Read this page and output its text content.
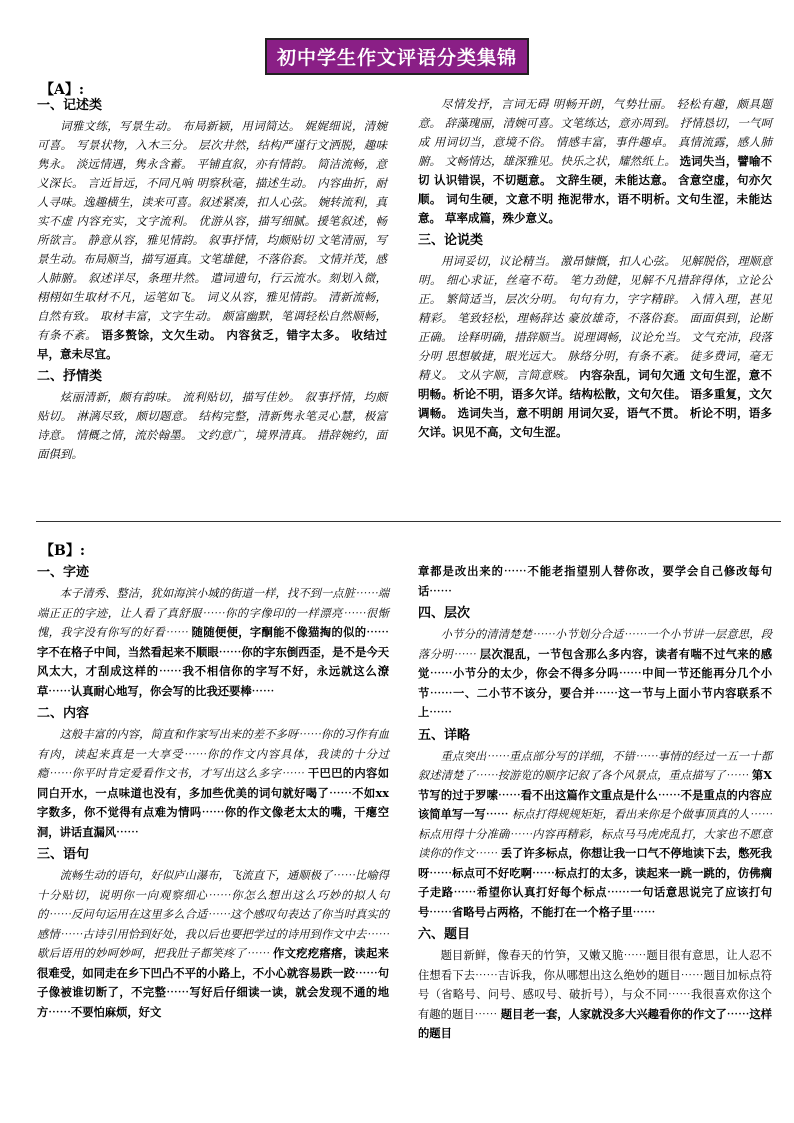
初中学生作文评语分类集锦
【A】:
一、记述类

词雅文练，写景生动。 布局新颖，用词简达。 娓娓细说，清婉可喜。 写景状物，入木三分。 层次井然，结构严谨行文洒脱，趣味隽永。 淡远情遇，隽永含蓄。 平铺直叙，亦有情韵。 简洁流畅，意义深长。 言近旨远，不同凡响 明察秋毫，描述生动。 内容曲折，耐人寻味。逸趣横生，读来可喜。叙述紧凑，扣人心弦。 婉转流利，真实不虚 内容充实，文字流利。 优游从容，描写细腻。援笔叙述，畅所欲言。 静意从容，雅见情韵。 叙事抒情，均颇贴切 文笔清丽，写景生动。布局顺当，描写逼真。文笔雄健，不落俗套。 文情并茂，感人肺腑。 叙述详尽，条理井然。 遣词遗句，行云流水。刻划入微，栩栩如生取材不凡，运笔如飞。 词义从容，雅见情韵。 清新流畅，自然有致。 取材丰富，文字生动。 颇富幽默，笔调轻松自然顺畅，有条不紊。 语多赘馀，文欠生动。 内容贫乏，错字太多。 收结过早，意未尽宜。

二、抒情类

炫丽清新，颇有韵味。 流利贴切，描写佳妙。 叙事抒情，均颇贴切。 淋漓尽致，颇切题意。 结构完整，清新隽永笔灵心慧，极富诗意。 情概之情，流於翰墨。 文约意广，境界清真。 措辞婉约，面面俱到。

尽情发抒，言词无碍 明畅开朗，气势壮丽。 轻松有趣，颇具题意。 辞藻瑰丽，清婉可喜。文笔练达，意亦周到。 抒情恳切，一气呵成 用词切当，意境不俗。 情感丰富，事件趣卓。 真情流露，感人肺腑。 文畅情达，雄深雅见。快乐之状，耀然纸上。 选词失当，譬喻不切 认识错误，不切题意。 文辞生硬，未能达意。 含意空虚，句亦欠顺。 词句生硬，文意不明 拖泥带水，语不明析。文句生涩，未能达意。 草率成篇，殊少意义。

三、论说类

用词妥切，议论精当。 激昂慷慨，扣人心弦。 见解脱俗，理顺意明。 细心求证，丝毫不苟。 笔力劲健，见解不凡措辞得体，立论公正。 繁简适当，层次分明。 句句有力，字字精辟。 入情入理，甚见精彩。 笔致轻松，理畅辞达 豪放雄奇，不落俗套。 面面俱到，论断正确。 诠释明确，措辞顺当。说理调畅，议论允当。 文气充沛，段落分明 思想敏捷，眼光远大。 脉络分明，有条不紊。 徒多费词，毫无精义。 文从字顺，言简意赅。 内容杂乱，词句欠通 文句生涩，意不明畅。析论不明，语多欠详。结构松散，文句欠佳。 语多重复，文欠调畅。 选词失当，意不明朗 用词欠妥，语气不贯。 析论不明，语多欠详。识见不高，文句生涩。

【B】:
一、字迹

本子清秀、整洁，犹如海滨小城的街道一样，找不到一点脏⋯⋯端端正正的字迹，让人看了真舒服⋯⋯你的字像印的一样漂亮⋯⋯很惭愧，我字没有你写的好看⋯⋯ 随随便便，字酮能不像猫掏的似的⋯⋯字不在格子中间，当然看起来不顺眼⋯⋯你的字东倒西歪，是不是今天风太大，才刮成这样的⋯⋯我不相信你的字写不好，永远就这么潦草⋯⋯认真耐心地写，你会写的比我还要棒⋯⋯

二、内容

这般丰富的内容，简直和作家写出来的差不多呀⋯⋯你的习作有血有肉，读起来真是一大享受⋯⋯你的作文内容具体，我读的十分过瘾⋯⋯你平时肯定爱看作文书，才写出这么多字⋯⋯ 干巴巴的内容如同白开水，一点味道也没有，多加些优美的词句就好喝了⋯⋯不如xx字数多，你不觉得有点难为情吗⋯⋯你的作文像老太太的嘴，干瘪空洞，讲话直漏风⋯⋯

三、语句

流畅生动的语句，好似庐山瀑布，飞流直下，通顺极了⋯⋯比喻得十分贴切，说明你一向观察细心⋯⋯你怎么想出这么巧妙的拟人句的⋯⋯反问句运用在这里多么合适⋯⋯这个感叹句表达了你当时真实的感情⋯⋯古诗引用恰到好处，我以后也要把学过的诗用到作文中去⋯⋯歇后语用的妙呵妙呵，把我肚子都笑疼了⋯⋯ 作文疙疙瘩瘩，读起来很难受，如同走在乡下凹凸不平的小路上，不小心就容易跌一跤⋯⋯句子像被谁切断了，不完整⋯⋯写好后仔细读一读，就会发现不通的地方⋯⋯不要怕麻烦，好文

章都是改出来的⋯⋯不能老指望别人替你改，要学会自己修改每句话⋯⋯

四、层次

小节分的清清楚楚⋯⋯小节划分合适⋯⋯一个小节讲一层意思，段落分明⋯⋯ 层次混乱，一节包含那么多内容，读者有喘不过气来的感觉⋯⋯小节分的太少，你会不得多分吗⋯⋯中间一节还能再分几个小节⋯⋯一、二小节不该分，要合并⋯⋯这一节与上面小节内容联系不上⋯⋯

五、详略

重点突出⋯⋯重点部分写的详细，不错⋯⋯事情的经过一五一十都叙述清楚了⋯⋯按游览的顺序记叙了各个风景点，重点描写了⋯⋯ 第X节写的过于罗嗦⋯⋯看不出这篇作文重点是什么⋯⋯不是重点的内容应该简单写一写⋯⋯ 标点打得规规矩矩，看出来你是个做事顶真的人⋯⋯标点用得十分准确⋯⋯内容再精彩，标点马马虎虎乱打，大家也不愿意读你的作文⋯⋯ 丢了许多标点，你想让我一口气不停地读下去，憋死我呀⋯⋯标点可不好吃啊⋯⋯标点打的太多，读起来一跳一跳的，仿佛瘸子走路⋯⋯希望你认真打好每个标点⋯⋯一句话意思说完了应该打句号⋯⋯省略号占两格，不能打在一个格子里⋯⋯

六、题目

题目新鲜，像春天的竹笋，又嫩又脆⋯⋯题目很有意思，让人忍不住想看下去⋯⋯吉诉我，你从哪想出这么绝妙的题目⋯⋯题目加标点符号（省略号、问号、感叹号、破折号），与众不同⋯⋯我很喜欢你这个有趣的题目⋯⋯ 题目老一套，人家就没多大兴趣看你的作文了⋯⋯这样的题目
